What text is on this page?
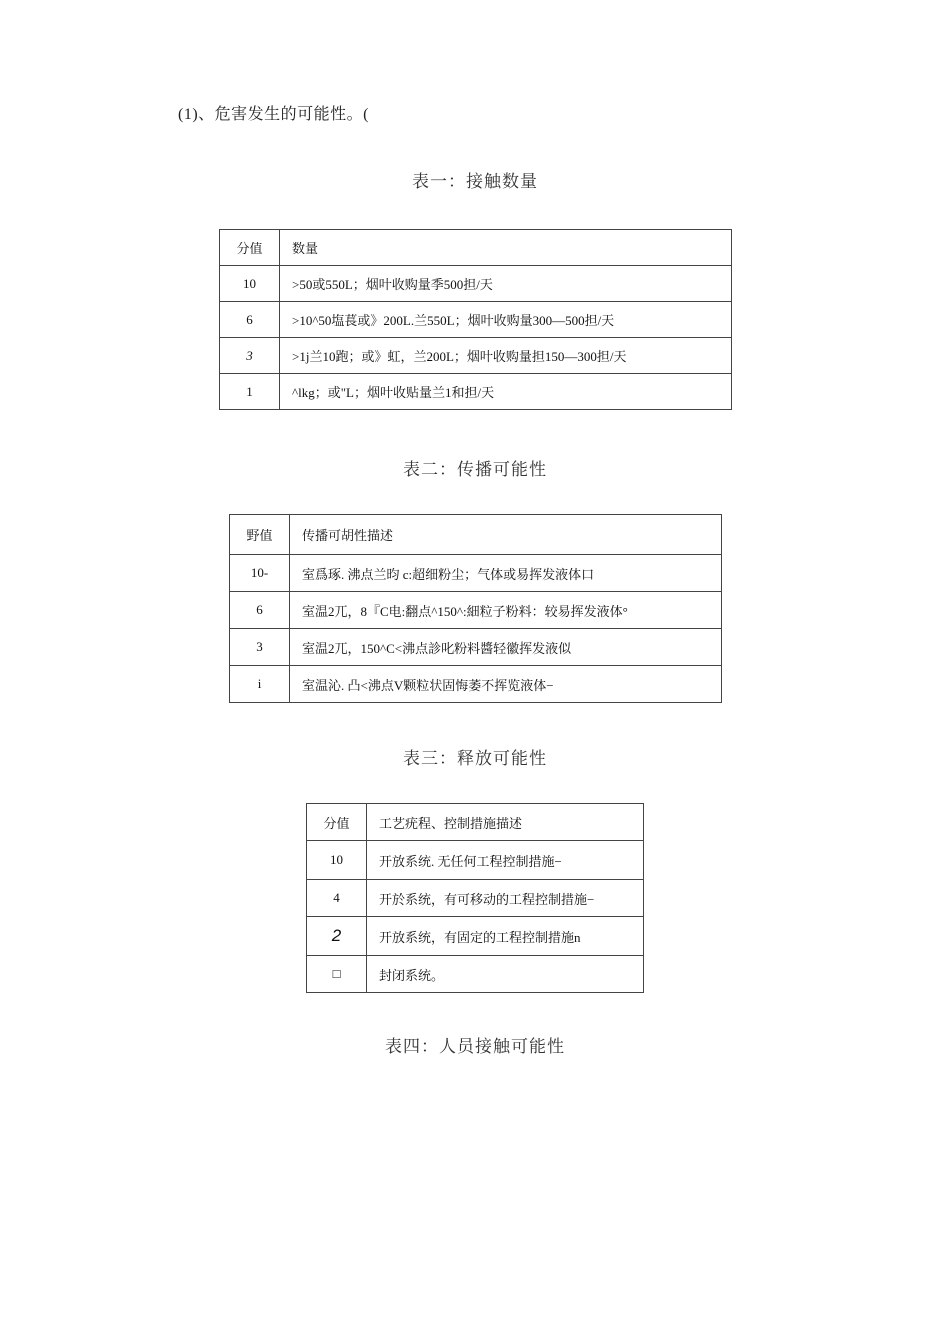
(1)、危害发生的可能性。(
表一：接触数量
分值	数量
10	>50或550L；烟叶收购量季500担/天
6	>10^50塩萇或》200L.兰550L；烟叶收购量300—500担/天
3	>1j兰10跑；或》虹，兰200L；烟叶收购量担150—300担/天
1	^lkg；或"L；烟叶收贴量兰1和担/天
表二：传播可能性
野值	传播可胡性描述
10-	室爲琢. 沸点兰昀 c:超细粉尘；气体或易挥发液体口
6	室温2兀，8『C电:翻点^150^:細粒子粉料：较易挥发液体°
3	室温2兀，150^C<沸点診叱粉料醬轻徽挥发液似
i	室温沁. 凸<沸点V颗粒状固悔萎不挥览液体−
表三：释放可能性
分值	工艺疣程、控制措施描述
10	开放系统. 无任何工程控制措施−
4	开於系统，有可移动的工程控制措施−
2	开放系统，有固定的工程控制措施n
□	封闭系统。
表四：人员接触可能性
